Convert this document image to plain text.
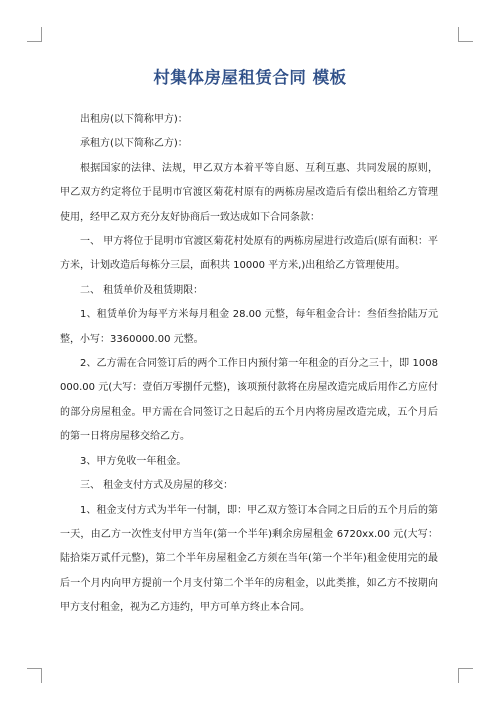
村集体房屋租赁合同 模板

出租房(以下简称甲方)：

承租方(以下简称乙方)：

根据国家的法律、法规，甲乙双方本着平等自愿、互利互惠、共同发展的原则，甲乙双方约定将位于昆明市官渡区菊花村原有的两栋房屋改造后有偿出租给乙方管理使用，经甲乙双方充分友好协商后一致达成如下合同条款：

一、 甲方将位于昆明市官渡区菊花村处原有的两栋房屋进行改造后(原有面积：平方米，计划改造后每栋分三层，面积共 10000 平方米,)出租给乙方管理使用。

二、 租赁单价及租赁期限：

1、租赁单价为每平方米每月租金 28.00 元整，每年租金合计：叁佰叁拾陆万元整，小写：3360000.00 元整。

2、乙方需在合同签订后的两个工作日内预付第一年租金的百分之三十，即 1008000.00 元(大写：壹佰万零捌仟元整)，该项预付款将在房屋改造完成后用作乙方应付的部分房屋租金。甲方需在合同签订之日起后的五个月内将房屋改造完成，五个月后的第一日将房屋移交给乙方。

3、甲方免收一年租金。

三、 租金支付方式及房屋的移交：

1、租金支付方式为半年一付制，即：甲乙双方签订本合同之日后的五个月后的第一天，由乙方一次性支付甲方当年(第一个半年)剩余房屋租金 6720xx.00 元(大写：陆拾柒万贰仟元整)，第二个半年房屋租金乙方须在当年(第一个半年)租金使用完的最后一个月内向甲方提前一个月支付第二个半年的房租金，以此类推，如乙方不按期向甲方支付租金，视为乙方违约，甲方可单方终止本合同。
